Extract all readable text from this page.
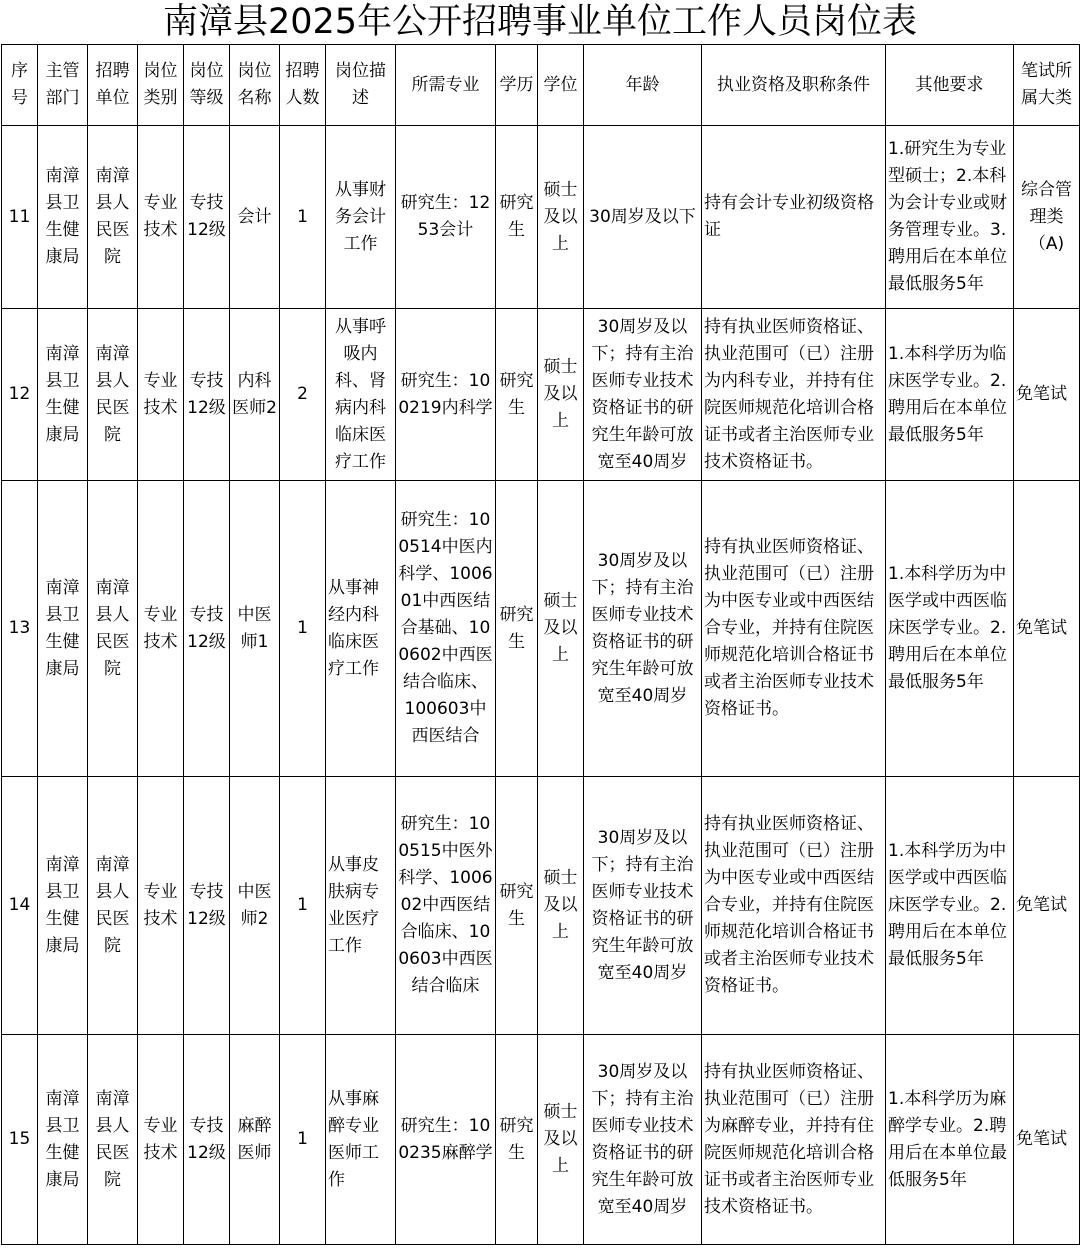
南漳县2025年公开招聘事业单位工作人员岗位表
序号	主管部门	招聘单位	岗位类别	岗位等级	岗位名称	招聘人数	岗位描述	所需专业	学历	学位	年龄	执业资格及职称条件	其他要求	笔试所属大类
11	南漳县卫生健康局	南漳县人民医院	专业技术	专技12级	会计	1	从事财务会计工作	研究生：1253会计	研究生	硕士及以上	30周岁及以下	持有会计专业初级资格证	1.研究生为专业型硕士；2.本科为会计专业或财务管理专业。3.聘用后在本单位最低服务5年	综合管理类（A)
12	南漳县卫生健康局	南漳县人民医院	专业技术	专技12级	内科医师2	2	从事呼吸内科、肾病内科临床医疗工作	研究生：100219内科学	研究生	硕士及以上	30周岁及以下；持有主治医师专业技术资格证书的研究生年龄可放宽至40周岁	持有执业医师资格证、执业范围可（已）注册为内科专业，并持有住院医师规范化培训合格证书或者主治医师专业技术资格证书。	1.本科学历为临床医学专业。2.聘用后在本单位最低服务5年	免笔试
13	南漳县卫生健康局	南漳县人民医院	专业技术	专技12级	中医师1	1	从事神经内科临床医疗工作	研究生：100514中医内科学、100601中西医结合基础、100602中西医结合临床、100603中西医结合	研究生	硕士及以上	30周岁及以下；持有主治医师专业技术资格证书的研究生年龄可放宽至40周岁	持有执业医师资格证、执业范围可（已）注册为中医专业或中西医结合专业，并持有住院医师规范化培训合格证书或者主治医师专业技术资格证书。	1.本科学历为中医学或中西医临床医学专业。2.聘用后在本单位最低服务5年	免笔试
14	南漳县卫生健康局	南漳县人民医院	专业技术	专技12级	中医师2	1	从事皮肤病专业医疗工作	研究生：100515中医外科学、100602中西医结合临床、100603中西医结合临床	研究生	硕士及以上	30周岁及以下；持有主治医师专业技术资格证书的研究生年龄可放宽至40周岁	持有执业医师资格证、执业范围可（已）注册为中医专业或中西医结合专业，并持有住院医师规范化培训合格证书或者主治医师专业技术资格证书。	1.本科学历为中医学或中西医临床医学专业。2.聘用后在本单位最低服务5年	免笔试
15	南漳县卫生健康局	南漳县人民医院	专业技术	专技12级	麻醉医师	1	从事麻醉专业医师工作	研究生：100235麻醉学	研究生	硕士及以上	30周岁及以下；持有主治医师专业技术资格证书的研究生年龄可放宽至40周岁	持有执业医师资格证、执业范围可（已）注册为麻醉专业，并持有住院医师规范化培训合格证书或者主治医师专业技术资格证书。	1.本科学历为麻醉学专业。2.聘用后在本单位最低服务5年	免笔试
